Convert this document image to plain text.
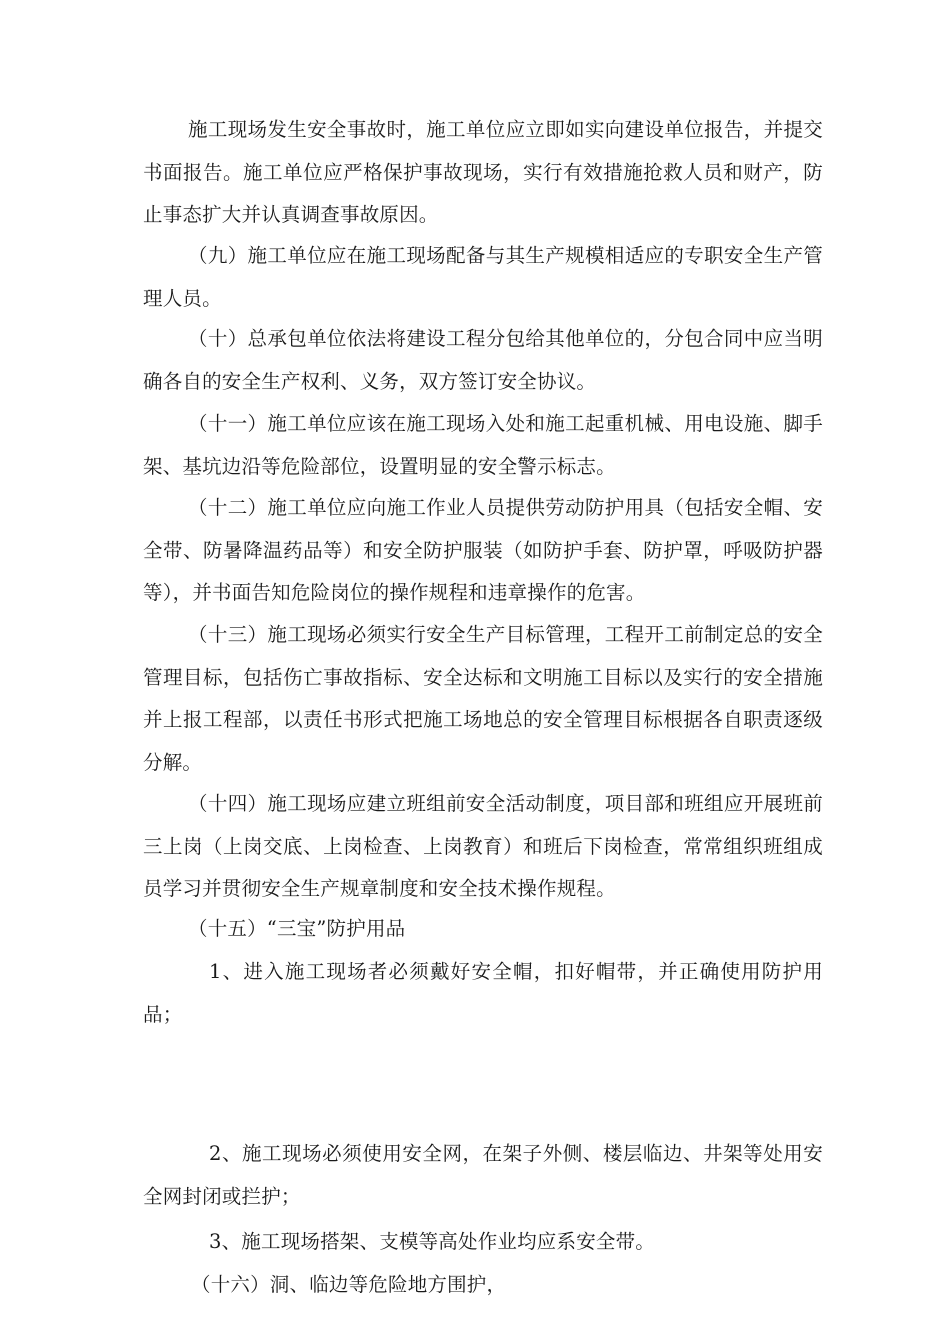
施工现场发生安全事故时，施工单位应立即如实向建设单位报告，并提交书面报告。施工单位应严格保护事故现场，实行有效措施抢救人员和财产，防止事态扩大并认真调查事故原因。

（九）施工单位应在施工现场配备与其生产规模相适应的专职安全生产管理人员。

（十）总承包单位依法将建设工程分包给其他单位的，分包合同中应当明确各自的安全生产权利、义务，双方签订安全协议。

（十一）施工单位应该在施工现场入处和施工起重机械、用电设施、脚手架、基坑边沿等危险部位，设置明显的安全警示标志。

（十二）施工单位应向施工作业人员提供劳动防护用具（包括安全帽、安全带、防暑降温药品等）和安全防护服装（如防护手套、防护罩，呼吸防护器等），并书面告知危险岗位的操作规程和违章操作的危害。

（十三）施工现场必须实行安全生产目标管理，工程开工前制定总的安全管理目标，包括伤亡事故指标、安全达标和文明施工目标以及实行的安全措施并上报工程部，以责任书形式把施工场地总的安全管理目标根据各自职责逐级分解。

（十四）施工现场应建立班组前安全活动制度，项目部和班组应开展班前三上岗（上岗交底、上岗检查、上岗教育）和班后下岗检查，常常组织班组成员学习并贯彻安全生产规章制度和安全技术操作规程。

（十五）“三宝”防护用品

1、进入施工现场者必须戴好安全帽，扣好帽带，并正确使用防护用品；

2、施工现场必须使用安全网，在架子外侧、楼层临边、井架等处用安全网封闭或拦护；

3、施工现场搭架、支模等高处作业均应系安全带。

（十六）洞、临边等危险地方围护，
